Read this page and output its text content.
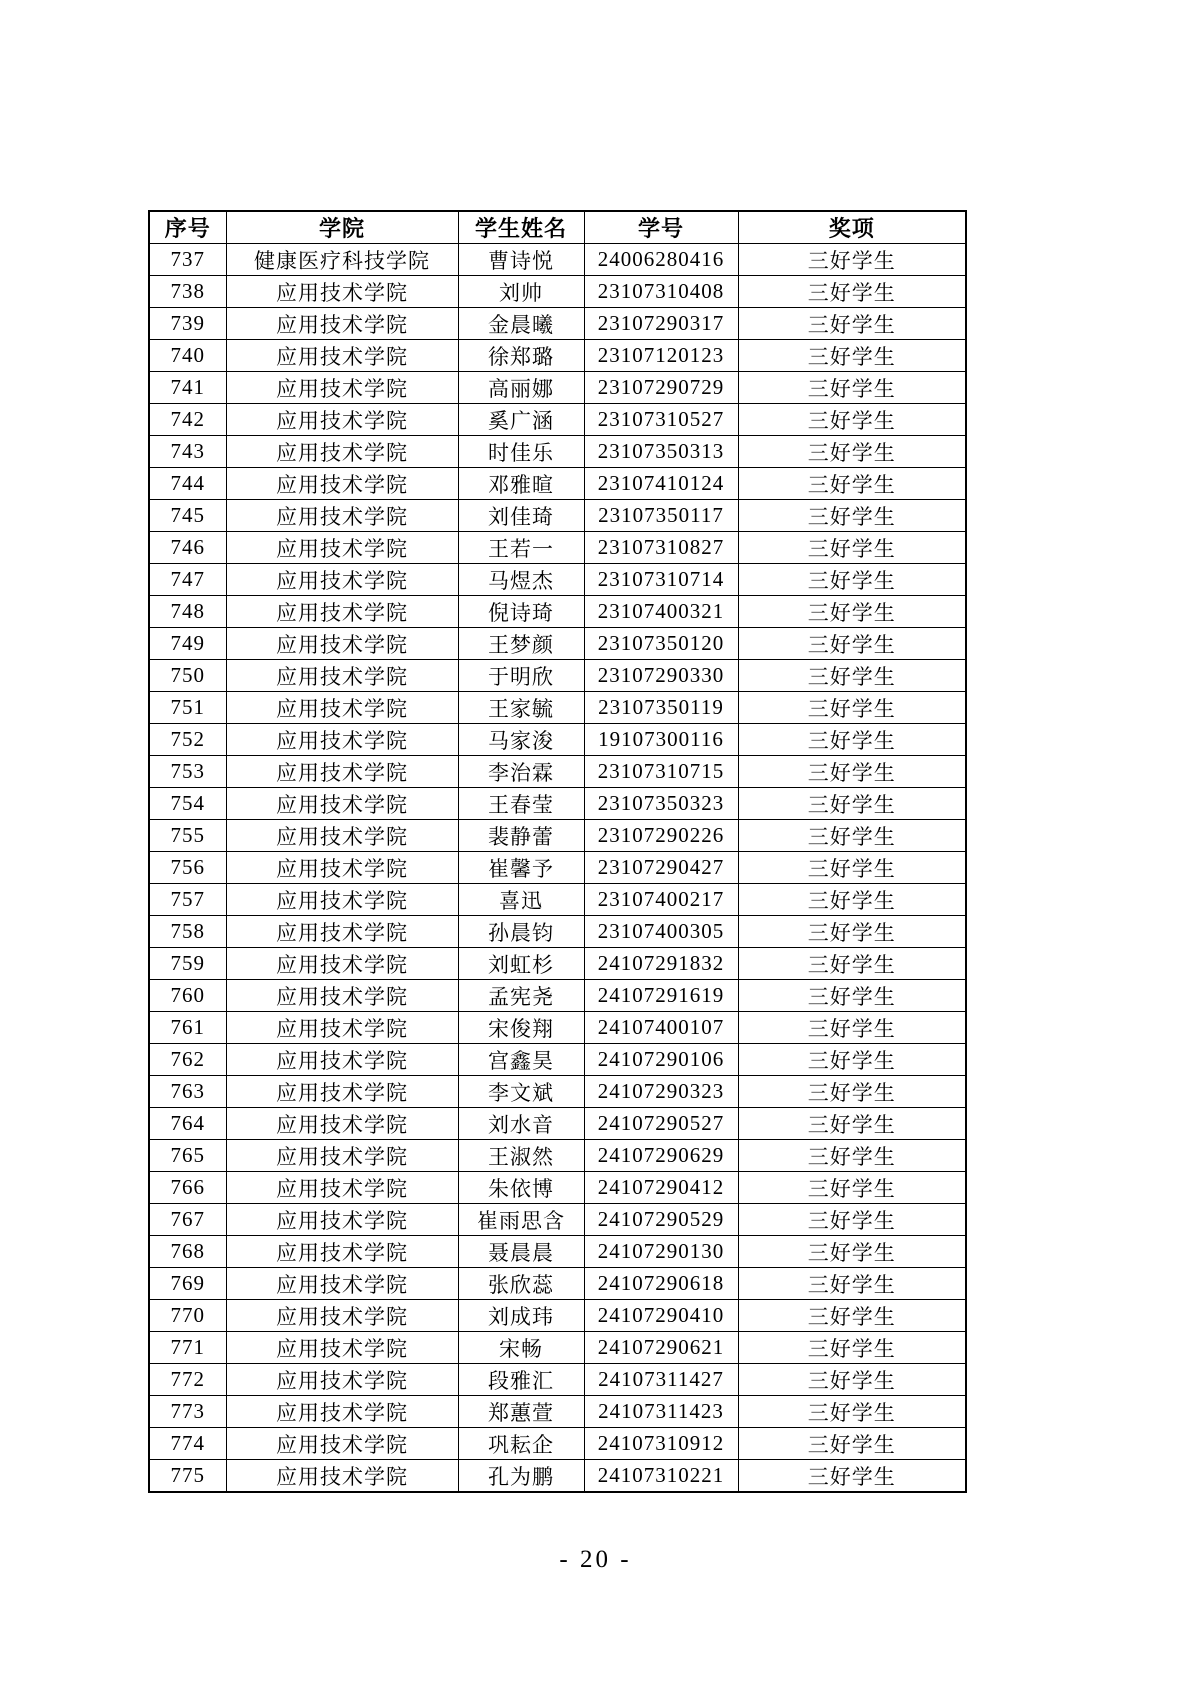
序号	学院	学生姓名	学号	奖项
737	健康医疗科技学院	曹诗悦	24006280416	三好学生
738	应用技术学院	刘帅	23107310408	三好学生
739	应用技术学院	金晨曦	23107290317	三好学生
740	应用技术学院	徐郑璐	23107120123	三好学生
741	应用技术学院	高丽娜	23107290729	三好学生
742	应用技术学院	奚广涵	23107310527	三好学生
743	应用技术学院	时佳乐	23107350313	三好学生
744	应用技术学院	邓雅暄	23107410124	三好学生
745	应用技术学院	刘佳琦	23107350117	三好学生
746	应用技术学院	王若一	23107310827	三好学生
747	应用技术学院	马煜杰	23107310714	三好学生
748	应用技术学院	倪诗琦	23107400321	三好学生
749	应用技术学院	王梦颜	23107350120	三好学生
750	应用技术学院	于明欣	23107290330	三好学生
751	应用技术学院	王家毓	23107350119	三好学生
752	应用技术学院	马家浚	19107300116	三好学生
753	应用技术学院	李治霖	23107310715	三好学生
754	应用技术学院	王春莹	23107350323	三好学生
755	应用技术学院	裴静蕾	23107290226	三好学生
756	应用技术学院	崔馨予	23107290427	三好学生
757	应用技术学院	喜迅	23107400217	三好学生
758	应用技术学院	孙晨钧	23107400305	三好学生
759	应用技术学院	刘虹杉	24107291832	三好学生
760	应用技术学院	孟宪尧	24107291619	三好学生
761	应用技术学院	宋俊翔	24107400107	三好学生
762	应用技术学院	宫鑫昊	24107290106	三好学生
763	应用技术学院	李文斌	24107290323	三好学生
764	应用技术学院	刘水音	24107290527	三好学生
765	应用技术学院	王淑然	24107290629	三好学生
766	应用技术学院	朱依博	24107290412	三好学生
767	应用技术学院	崔雨思含	24107290529	三好学生
768	应用技术学院	聂晨晨	24107290130	三好学生
769	应用技术学院	张欣蕊	24107290618	三好学生
770	应用技术学院	刘成玮	24107290410	三好学生
771	应用技术学院	宋畅	24107290621	三好学生
772	应用技术学院	段雅汇	24107311427	三好学生
773	应用技术学院	郑蕙萱	24107311423	三好学生
774	应用技术学院	巩耘企	24107310912	三好学生
775	应用技术学院	孔为鹏	24107310221	三好学生
- 20 -
